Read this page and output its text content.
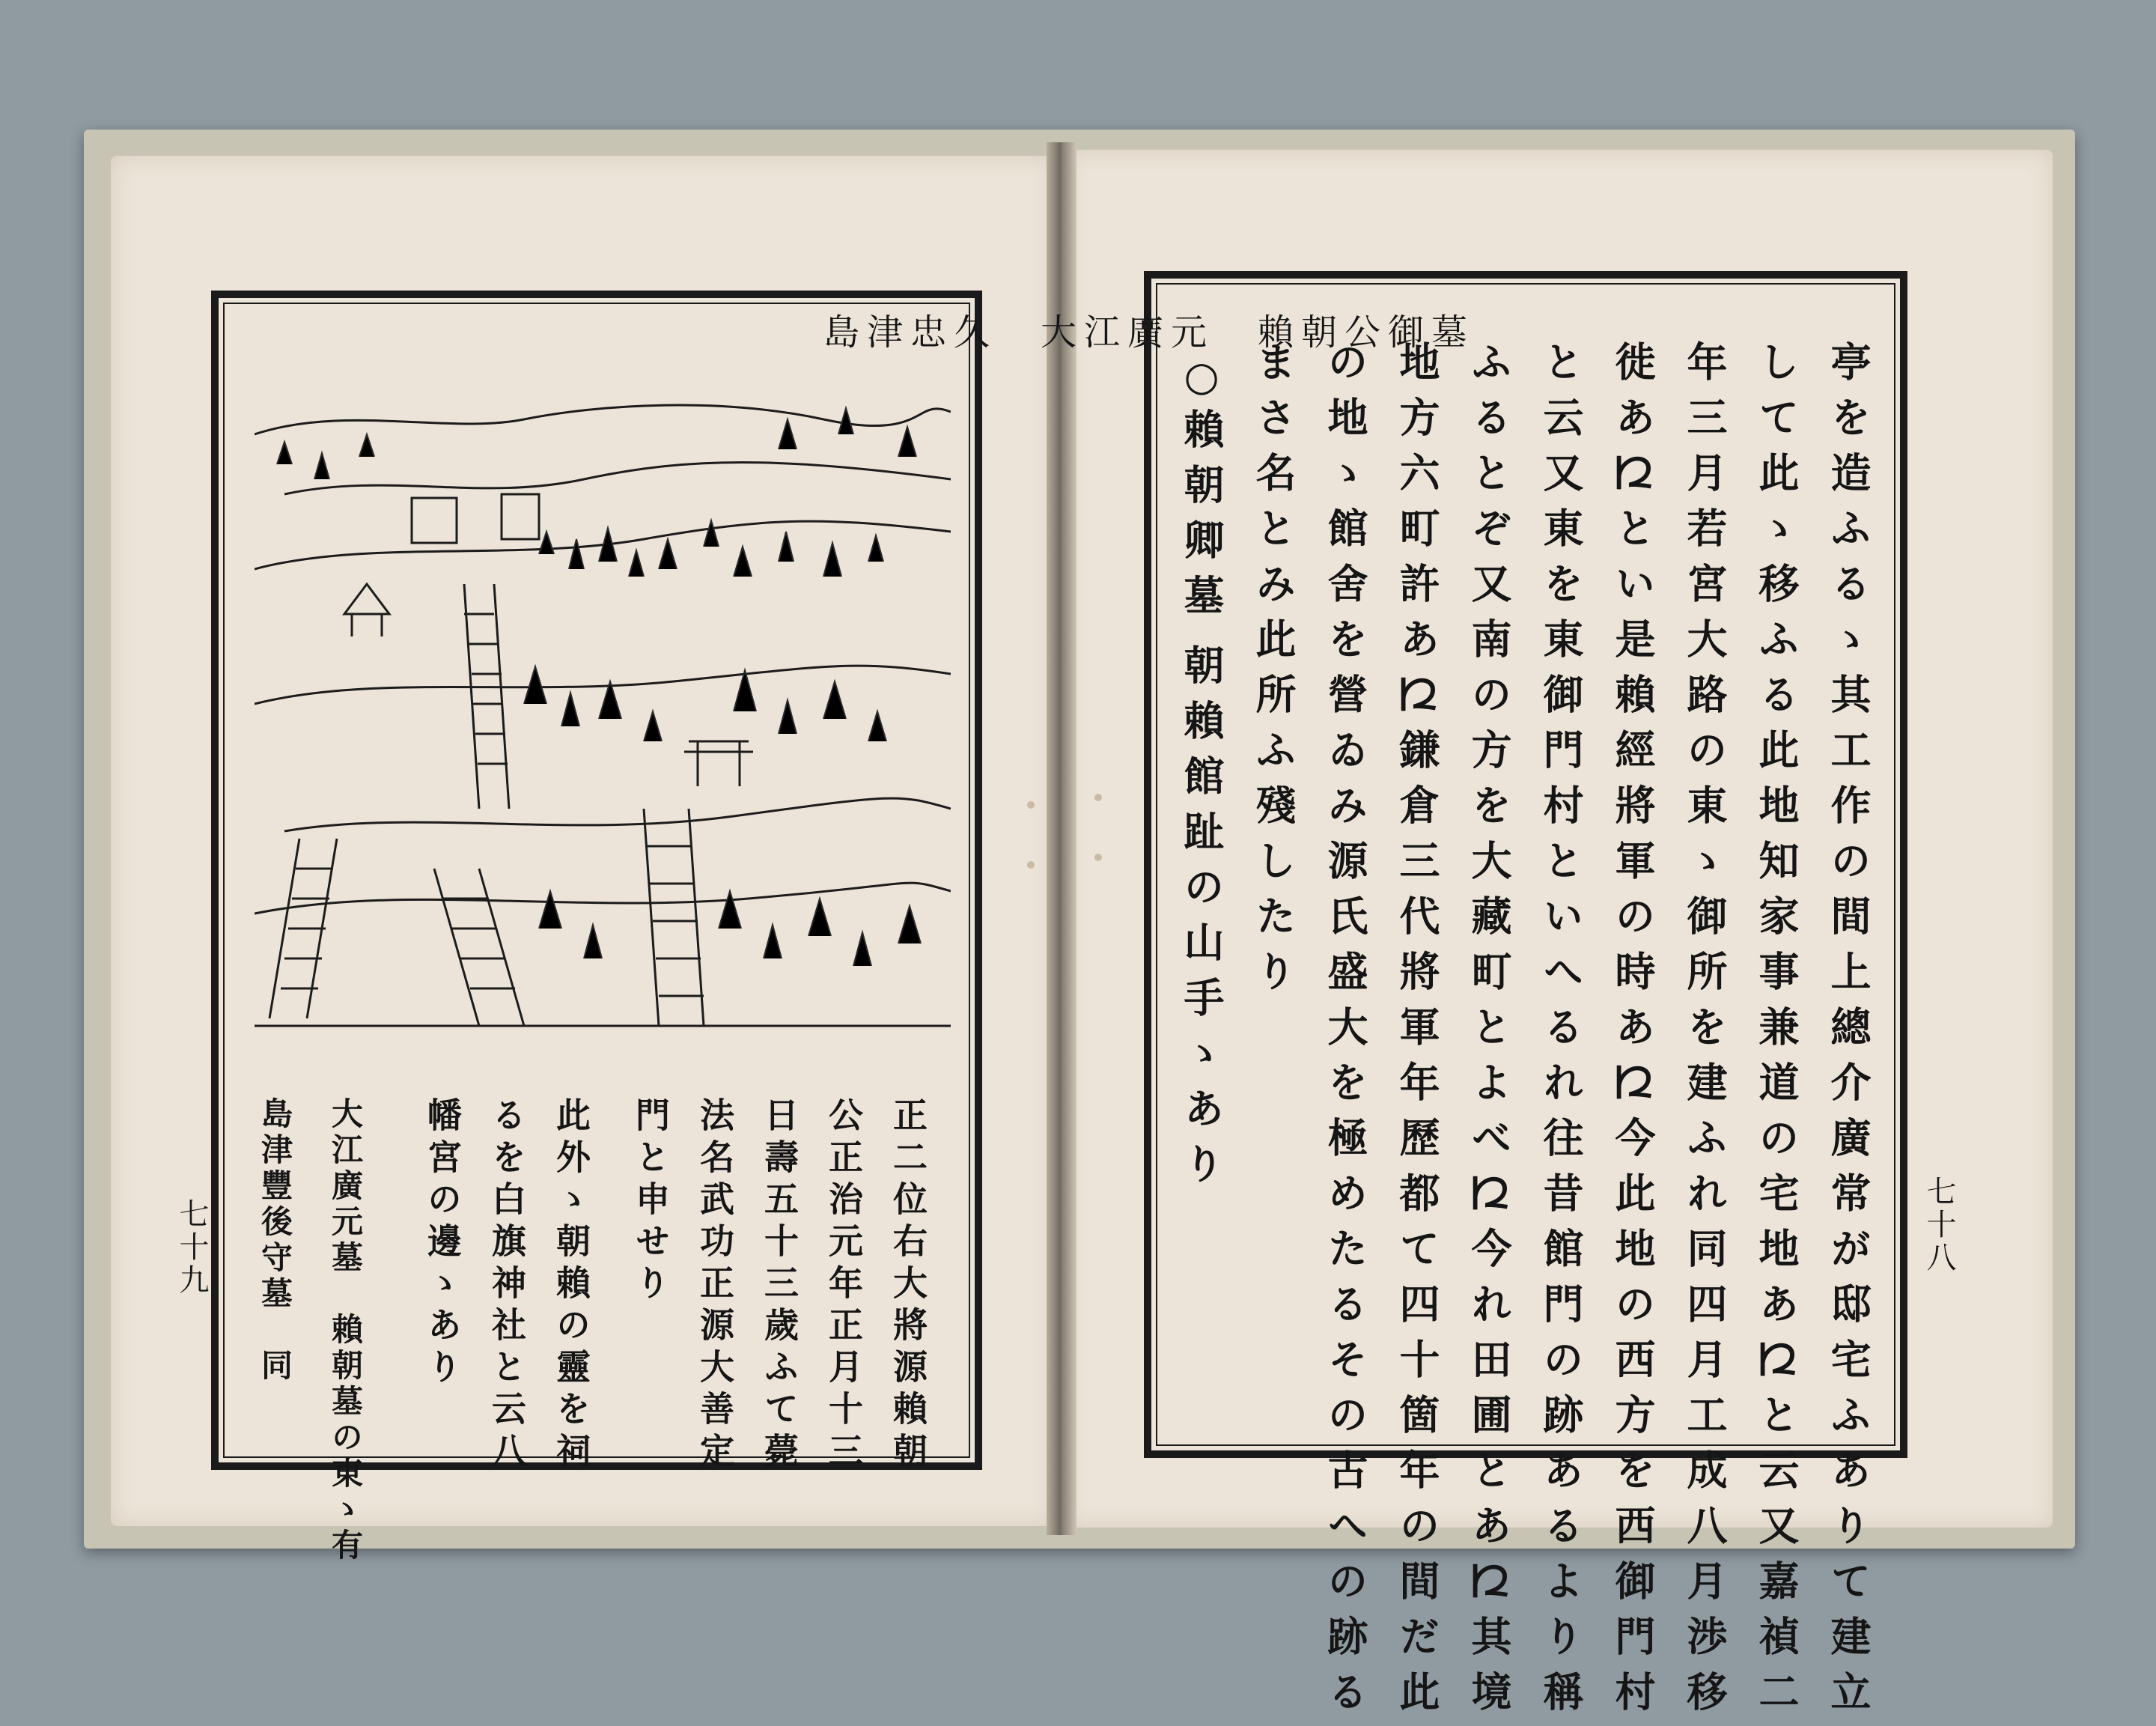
島津忠久　大江廣元　賴朝公御墓
正二位右大將源賴朝
公正治元年正月十三
日壽五十三歲ふて薨
法名武功正源大善定
門と申せり
此外ゝ朝賴の靈を祠
るを白旗神社と云八
幡宮の邊ゝあり
大江廣元墓　賴朝墓の東ゝ有
島津豐後守墓　同
七十九	亭を造ふるゝ其工作の間上總介廣常が邸宅ふありて建立
して此ゝ移ふる此地知家事兼道の宅地あ𛀁と云又嘉禎二
年三月若宮大路の東ゝ御所を建ふれ同四月工成八月渉移
徙あ𛀁とい是賴經將軍の時あ𛀁今此地の西方を西御門村
と云又東を東御門村といへるれ往昔館門の跡あるより稱
ふるとぞ又南の方を大藏町とよべ𛀁今れ田圃とあ𛀁其境
地方六町許あ𛀁鎌倉三代將軍年歷都て四十箇年の間だ此
の地ゝ館舍を營ゐみ源氏盛大を極めたるその古への跡る
まさ名とみ此所ふ殘したり
○
賴朝卿墓
朝賴館趾の山手ゝあり
七十八
